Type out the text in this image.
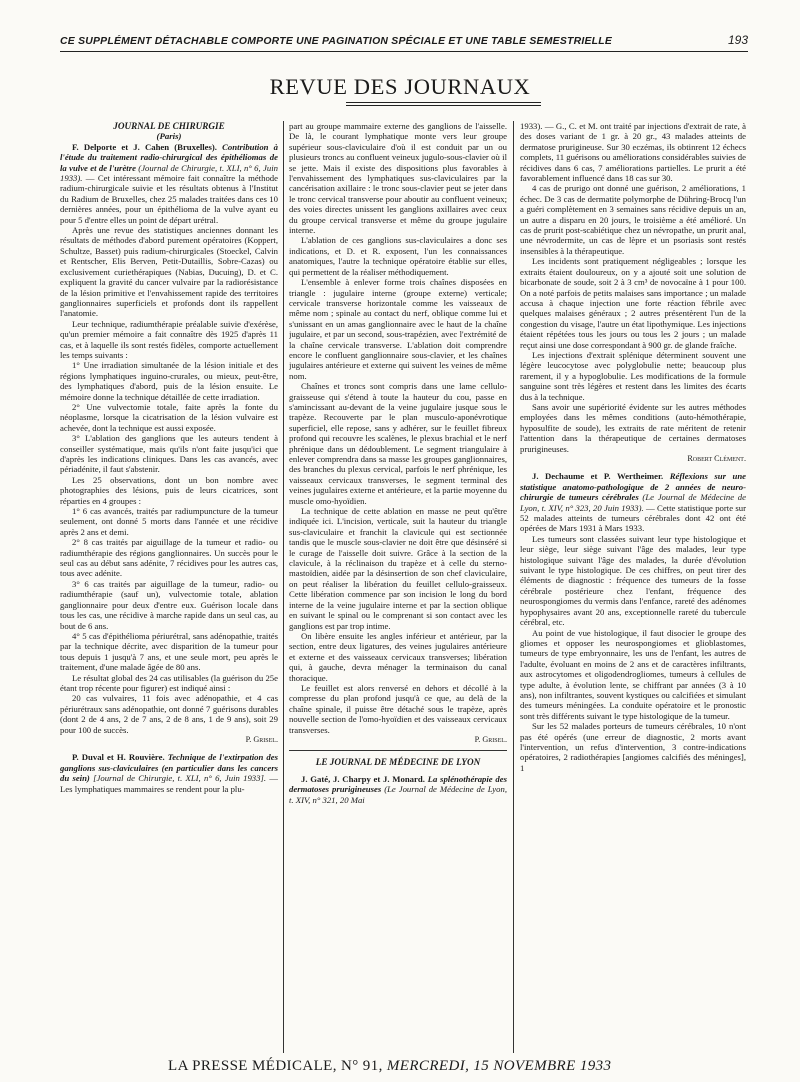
CE SUPPLÉMENT DÉTACHABLE COMPORTE UNE PAGINATION SPÉCIALE ET UNE TABLE SEMESTRIELLE	193
REVUE DES JOURNAUX

JOURNAL DE CHIRURGIE

(Paris)

F. Delporte et J. Cahen (Bruxelles). Contribution à l'étude du traitement radio-chirurgical des épithéliomas de la vulve et de l'urètre (Journal de Chirurgie, t. XLI, n° 6, Juin 1933). — Cet intéressant mémoire fait connaître la méthode radium-chirurgicale suivie et les résultats obtenus à l'Institut du Radium de Bruxelles, chez 25 malades traitées dans ces 10 dernières années, pour un épithélioma de la vulve ayant eu pour 5 d'entre elles un point de départ urétral.

Après une revue des statistiques anciennes donnant les résultats de méthodes d'abord purement opératoires (Koppert, Schultze, Basset) puis radium-chirurgicales (Stoeckel, Calvin et Rentscher, Elis Berven, Petit-Dutaillis, Sobre-Cazas) ou exclusivement curiethérapiques (Nabias, Ducuing), D. et C. expliquent la gravité du cancer vulvaire par la radiorésistance de la lésion primitive et l'envahissement rapide des territoires ganglionnaires superficiels et profonds dont ils rappellent l'anatomie.

Leur technique, radiumthérapie préalable suivie d'exérèse, qu'un premier mémoire a fait connaître dès 1925 d'après 11 cas, et à laquelle ils sont restés fidèles, comporte actuellement les temps suivants :

1° Une irradiation simultanée de la lésion initiale et des régions lymphatiques inguino-crurales, ou mieux, peut-être, des lymphatiques d'abord, puis de la lésion ensuite. Le mémoire donne la technique détaillée de cette irradiation.

2° Une vulvectomie totale, faite après la fonte du néoplasme, lorsque la cicatrisation de la lésion vulvaire est achevée, dont la technique est aussi exposée.

3° L'ablation des ganglions que les auteurs tendent à conseiller systématique, mais qu'ils n'ont faite jusqu'ici que d'après les indications cliniques. Dans les cas avancés, avec périadénite, il faut s'abstenir.

Les 25 observations, dont un bon nombre avec photographies des lésions, puis de leurs cicatrices, sont réparties en 4 groupes :

1° 6 cas avancés, traités par radiumpuncture de la tumeur seulement, ont donné 5 morts dans l'année et une récidive après 2 ans et demi.

2° 8 cas traités par aiguillage de la tumeur et radio- ou radiumthérapie des régions ganglionnaires. Un succès pour le seul cas au début sans adénite, 7 récidives pour les autres cas, tous avec adénite.

3° 6 cas traités par aiguillage de la tumeur, radio- ou radiumthérapie (sauf un), vulvectomie totale, ablation ganglionnaire pour deux d'entre eux. Guérison locale dans tous les cas, une récidive à marche rapide dans un seul cas, au bout de 6 ans.

4° 5 cas d'épithélioma périurétral, sans adénopathie, traités par la technique décrite, avec disparition de la tumeur pour tous depuis 1 jusqu'à 7 ans, et une seule mort, peu après le traitement, d'une malade âgée de 80 ans.

Le résultat global des 24 cas utilisables (la guérison du 25e étant trop récente pour figurer) est indiqué ainsi :

20 cas vulvaires, 11 fois avec adénopathie, et 4 cas périurétraux sans adénopathie, ont donné 7 guérisons durables (dont 2 de 4 ans, 2 de 7 ans, 2 de 8 ans, 1 de 9 ans), soit 29 pour 100 de succès.

P. Grisel.

P. Duval et H. Rouvière. Technique de l'extirpation des ganglions sus-claviculaires (en particulier dans les cancers du sein) [Journal de Chirurgie, t. XLI, n° 6, Juin 1933]. — Les lymphatiques mammaires se rendent pour la plu-

part au groupe mammaire externe des ganglions de l'aisselle. De là, le courant lymphatique monte vers leur groupe supérieur sous-claviculaire d'où il est conduit par un ou plusieurs troncs au confluent veineux jugulo-sous-clavier où il se jette. Mais il existe des dispositions plus favorables à l'envahissement des lymphatiques sus-claviculaires par la cancérisation axillaire : le tronc sous-clavier peut se jeter dans le tronc cervical transverse pour aboutir au confluent veineux; des voies directes unissent les ganglions axillaires avec ceux du groupe cervical transverse et même du groupe jugulaire interne.

L'ablation de ces ganglions sus-claviculaires a donc ses indications, et D. et R. exposent, l'un les connaissances anatomiques, l'autre la technique opératoire établie sur elles, qui permettent de la réaliser méthodiquement.

L'ensemble à enlever forme trois chaînes disposées en triangle : jugulaire interne (groupe externe) verticale; cervicale transverse horizontale comme les vaisseaux de même nom ; spinale au contact du nerf, oblique comme lui et s'unissant en un amas ganglionnaire avec le haut de la chaîne jugulaire, et par un second, sous-trapézien, avec l'extrémité de la chaîne cervicale transverse. L'ablation doit comprendre encore le confluent ganglionnaire sous-clavier, et les chaînes jugulaires antérieure et externe qui suivent les veines de même nom.

Chaînes et troncs sont compris dans une lame cellulo-graisseuse qui s'étend à toute la hauteur du cou, passe en s'amincissant au-devant de la veine jugulaire jusque sous le trapèze. Recouverte par le plan musculo-aponévrotique superficiel, elle repose, sans y adhérer, sur le feuillet fibreux profond qui recouvre les scalènes, le plexus brachial et le nerf phrénique dans un dédoublement. Le segment triangulaire à enlever comprendra dans sa masse les groupes ganglionnaires, des branches du plexus cervical, parfois le nerf phrénique, les vaisseaux cervicaux transverses, le segment terminal des veines jugulaires externe et antérieure, et la partie moyenne du muscle omo-hyoïdien.

La technique de cette ablation en masse ne peut qu'être indiquée ici. L'incision, verticale, suit la hauteur du triangle sus-claviculaire et franchit la clavicule qui est sectionnée tandis que le muscle sous-clavier ne doit être que désinséré si le curage de l'aisselle doit suivre. Grâce à la section de la clavicule, à la réclinaison du trapèze et à celle du sterno-mastoïdien, aidée par la désinsertion de son chef claviculaire, on peut réaliser la libération du feuillet cellulo-graisseux. Cette libération commence par son incision le long du bord interne de la veine jugulaire interne et par la section oblique en suivant le spinal ou le comprenant si son contact avec les ganglions est par trop intime.

On libère ensuite les angles inférieur et antérieur, par la section, entre deux ligatures, des veines jugulaires antérieure et externe et des vaisseaux cervicaux transverses; libération qui, à gauche, devra ménager la terminaison du canal thoracique.

Le feuillet est alors renversé en dehors et décollé à la compresse du plan profond jusqu'à ce que, au delà de la chaîne spinale, il puisse être détaché sous le trapèze, après nouvelle section de l'omo-hyoïdien et des vaisseaux cervicaux transverses.

P. Grisel.

LE JOURNAL DE MÉDECINE DE LYON

J. Gaté, J. Charpy et J. Monard. La splénothérapie des dermatoses prurigineuses (Le Journal de Médecine de Lyon, t. XIV, n° 321, 20 Mai

1933). — G., C. et M. ont traité par injections d'extrait de rate, à des doses variant de 1 gr. à 20 gr., 43 malades atteints de dermatose prurigineuse. Sur 30 eczémas, ils obtinrent 12 échecs complets, 11 guérisons ou améliorations considérables suivies de récidives dans 6 cas, 7 améliorations partielles. Le prurit a été favorablement influencé dans 18 cas sur 30.

4 cas de prurigo ont donné une guérison, 2 améliorations, 1 échec. De 3 cas de dermatite polymorphe de Dühring-Brocq l'un a guéri complètement en 3 semaines sans récidive depuis un an, un autre a disparu en 20 jours, le troisième a été amélioré. Un cas de prurit post-scabiétique chez un névropathe, un prurit anal, une névrodermite, un cas de lèpre et un psoriasis sont restés insensibles à la thérapeutique.

Les incidents sont pratiquement négligeables ; lorsque les extraits étaient douloureux, on y a ajouté soit une solution de bicarbonate de soude, soit 2 à 3 cm³ de novocaïne à 1 pour 100. On a noté parfois de petits malaises sans importance ; un malade accusa à chaque injection une forte réaction fébrile avec quelques malaises généraux ; 2 autres présentèrent l'un de la congestion du visage, l'autre un état lipothymique. Les injections étaient répétées tous les jours ou tous les 2 jours ; un malade reçut ainsi une dose correspondant à 900 gr. de glande fraîche.

Les injections d'extrait splénique déterminent souvent une légère leucocytose avec polyglobulie nette; beaucoup plus rarement, il y a hypoglobulie. Les modifications de la formule sanguine sont très légères et restent dans les limites des écarts dus à la technique.

Sans avoir une supériorité évidente sur les autres méthodes employées dans les mêmes conditions (auto-hémothérapie, hyposulfite de soude), les extraits de rate méritent de retenir l'attention dans la thérapeutique de certaines dermatoses prurigineuses.

Robert Clément.

J. Dechaume et P. Wertheimer. Réflexions sur une statistique anatomo-pathologique de 2 années de neuro-chirurgie de tumeurs cérébrales (Le Journal de Médecine de Lyon, t. XIV, n° 323, 20 Juin 1933). — Cette statistique porte sur 52 malades atteints de tumeurs cérébrales dont 42 ont été opérées de Mars 1931 à Mars 1933.

Les tumeurs sont classées suivant leur type histologique et leur siège, leur siège suivant l'âge des malades, leur type histologique suivant l'âge des malades, la durée d'évolution suivant le type histologique. De ces chiffres, on peut tirer des éléments de diagnostic : fréquence des tumeurs de la fosse cérébrale postérieure chez l'enfant, fréquence des neurospongiomes du vermis dans l'enfance, rareté des adénomes hypophysaires avant 20 ans, exceptionnelle rareté du tubercule cérébral, etc.

Au point de vue histologique, il faut disocier le groupe des gliomes et opposer les neurospongiomes et glioblastomes, tumeurs de type embryonnaire, les uns de l'enfant, les autres de l'adulte, évoluant en moins de 2 ans et de caractères infiltrants, aux astrocytomes et oligodendrogliomes, tumeurs à cellules de type adulte, à évolution lente, se chiffrant par années (3 à 10 ans), non infiltrantes, souvent kystiques ou calcifiées et simulant des tumeurs méningées. La conduite opératoire et le pronostic sont très différents suivant le type histologique de la tumeur.

Sur les 52 malades porteurs de tumeurs cérébrales, 10 n'ont pas été opérés (une erreur de diagnostic, 2 morts avant l'intervention, un refus d'intervention, 3 contre-indications opératoires, 2 radiothérapies [angiomes calcifiés des méninges], 1

LA PRESSE MÉDICALE, N° 91, MERCREDI, 15 NOVEMBRE 1933
